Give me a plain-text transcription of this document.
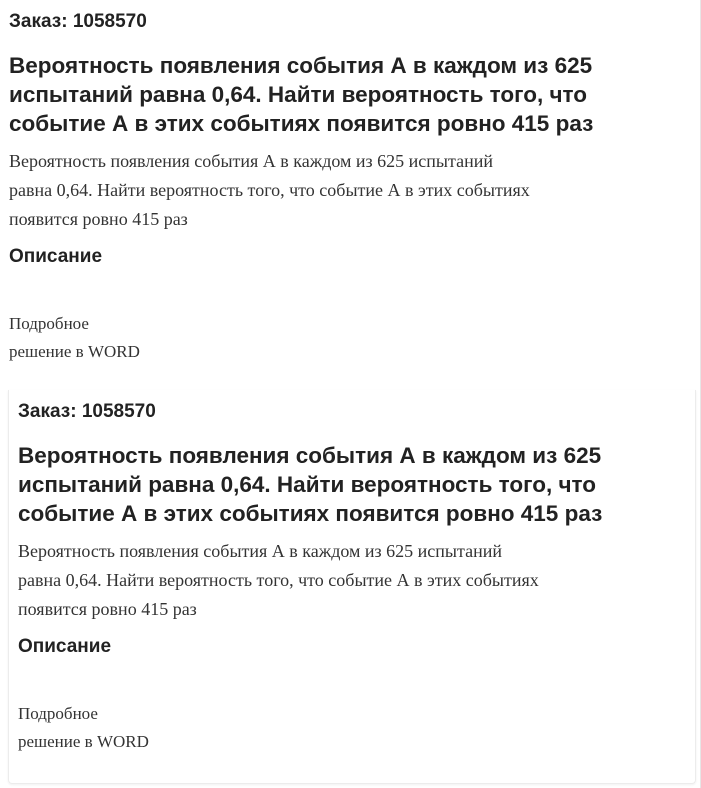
Заказ: 1058570
Вероятность появления события А в каждом из 625
испытаний равна 0,64. Найти вероятность того, что
событие А в этих событиях появится ровно 415 раз

Вероятность появления события А в каждом из 625 испытаний
равна 0,64. Найти вероятность того, что событие А в этих событиях
появится ровно 415 раз

Описание

Подробное
решение в WORD

Заказ: 1058570
Вероятность появления события А в каждом из 625
испытаний равна 0,64. Найти вероятность того, что
событие А в этих событиях появится ровно 415 раз

Вероятность появления события А в каждом из 625 испытаний
равна 0,64. Найти вероятность того, что событие А в этих событиях
появится ровно 415 раз

Описание

Подробное
решение в WORD
